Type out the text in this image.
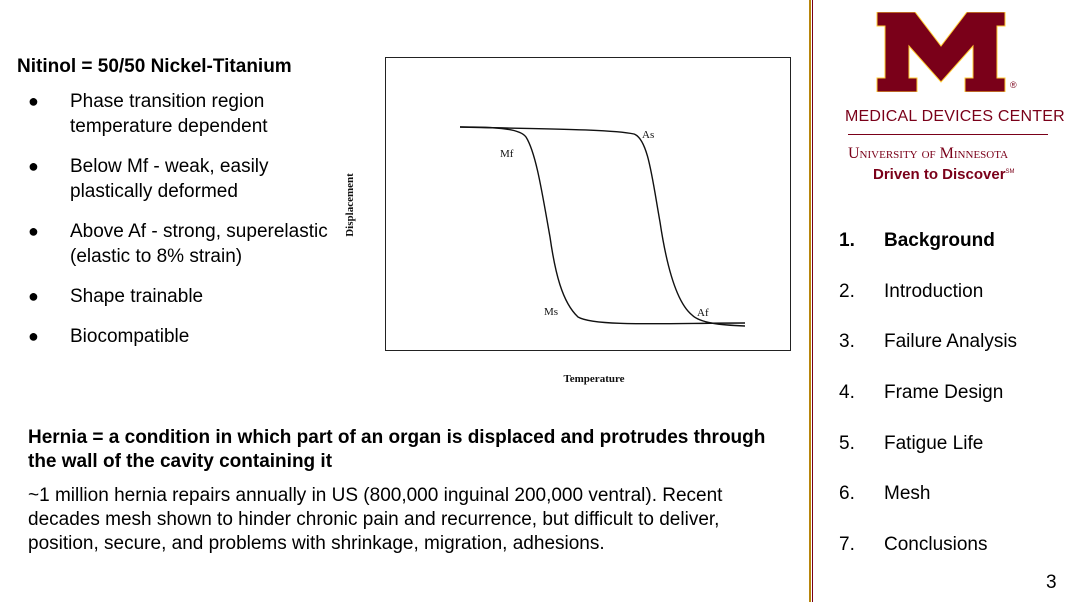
Nitinol = 50/50 Nickel-Titanium
● Phase transition region temperature dependent
● Below Mf - weak, easily plastically deformed
● Above Af - strong, superelastic (elastic to 8% strain)
● Shape trainable
● Biocompatible
Displacement
Temperature
Mf
As
Ms	Af
Hernia = a condition in which part of an organ is displaced and protrudes through the wall of the cavity containing it
~1 million hernia repairs annually in US (800,000 inguinal 200,000 ventral). Recent decades mesh shown to hinder chronic pain and recurrence, but difficult to deliver, position, secure, and problems with shrinkage, migration, adhesions.
®
MEDICAL DEVICES CENTER
University of Minnesota
Driven to Discover℠
1. Background
2. Introduction
3. Failure Analysis
4. Frame Design
5. Fatigue Life
6. Mesh
7. Conclusions
3
